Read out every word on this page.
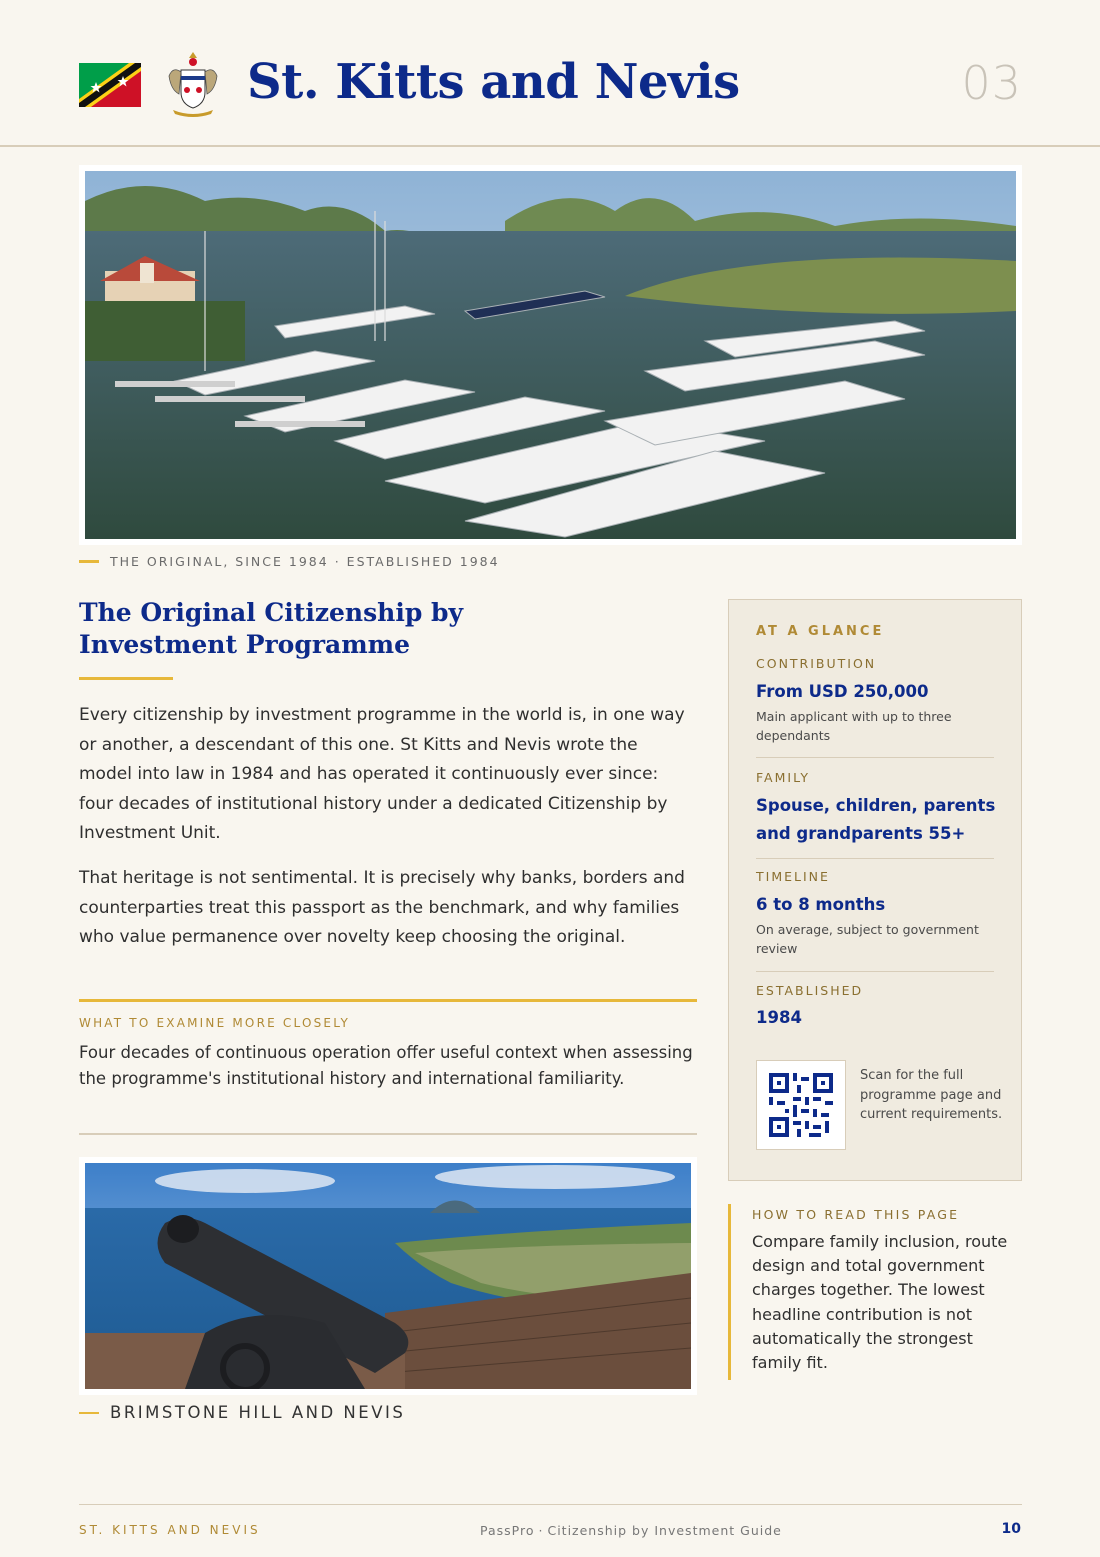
St. Kitts and Nevis	03
THE ORIGINAL, SINCE 1984 · ESTABLISHED 1984
The Original Citizenship by Investment Programme

Every citizenship by investment programme in the world is, in one way or another, a descendant of this one. St Kitts and Nevis wrote the model into law in 1984 and has operated it continuously ever since: four decades of institutional history under a dedicated Citizenship by Investment Unit.

That heritage is not sentimental. It is precisely why banks, borders and counterparties treat this passport as the benchmark, and why families who value permanence over novelty keep choosing the original.

WHAT TO EXAMINE MORE CLOSELY

Four decades of continuous operation offer useful context when assessing the programme's institutional history and international familiarity.

BRIMSTONE HILL AND NEVIS
AT A GLANCE
CONTRIBUTION

From USD 250,000

Main applicant with up to three dependants

FAMILY

Spouse, children, parents and grandparents 55+

TIMELINE

6 to 8 months

On average, subject to government review

ESTABLISHED

1984

Scan for the full programme page and current requirements.

HOW TO READ THIS PAGE

Compare family inclusion, route design and total government charges together. The lowest headline contribution is not automatically the strongest family fit.

ST. KITTS AND NEVIS	PassPro · Citizenship by Investment Guide	10
